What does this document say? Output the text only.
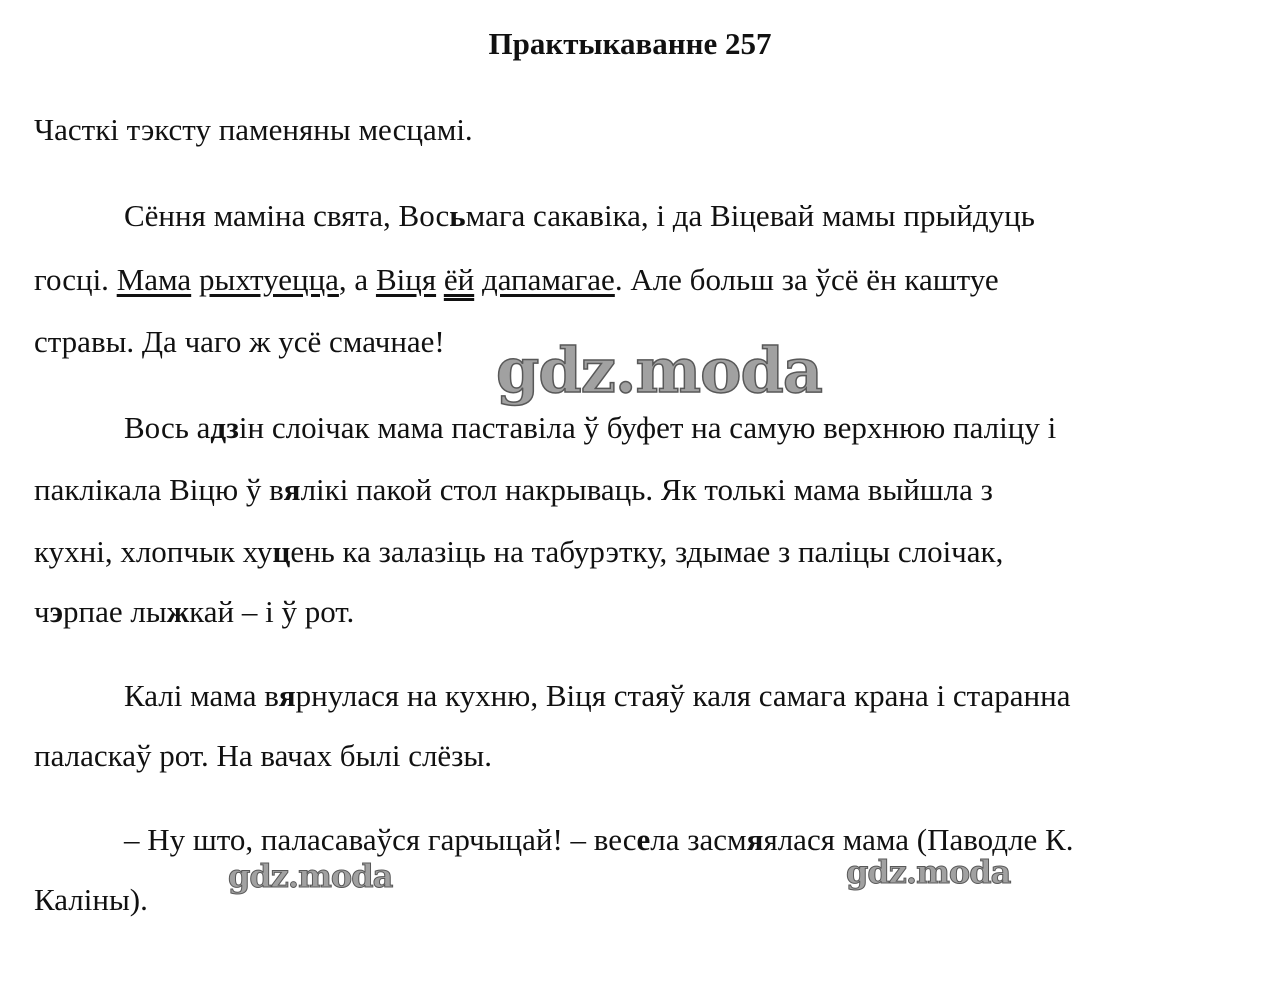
Практыкаванне 257
Часткі тэксту паменяны месцамі.
Сёння маміна свята, Восьмага сакавіка, і да Віцевай мамы прыйдуць
госці. Мама рыхтуецца, а Віця ёй дапамагае. Але больш за ўсё ён каштуе
стравы. Да чаго ж усё смачнае!
Вось адзін слоічак мама паставіла ў буфет на самую верхнюю паліцу і
паклікала Віцю ў вялікі пакой стол накрываць. Як толькі мама выйшла з
кухні, хлопчык хуцень ка залазіць на табурэтку, здымае з паліцы слоічак,
чэрпае лыжкай – і ў рот.
Калі мама вярнулася на кухню, Віця стаяў каля самага крана і старанна
паласкаў рот. На вачах былі слёзы.
– Ну што, паласаваўся гарчыцай! – весела засмяялася мама (Паводле К.
Каліны).
gdz.moda
gdz.moda	gdz.moda
